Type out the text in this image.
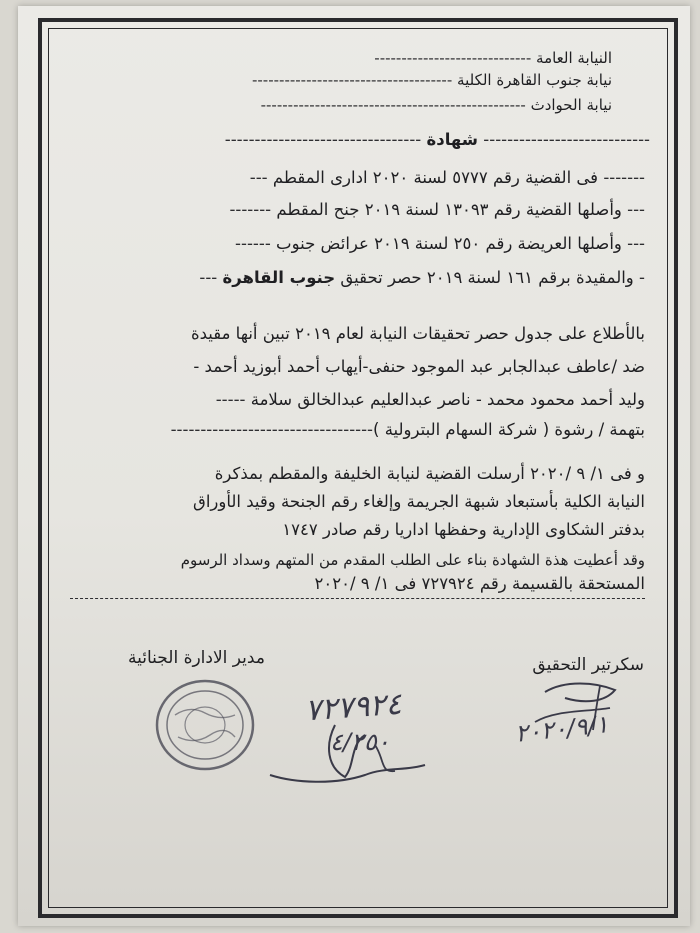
النيابة العامة -----------------------------
نيابة جنوب القاهرة الكلية -------------------------------------
نيابة الحوادث -------------------------------------------------
---------------------------- شهادة ---------------------------------
------- فى القضية رقم ٥٧٧٧ لسنة ٢٠٢٠ ادارى المقطم ---
--- وأصلها القضية رقم ١٣٠٩٣ لسنة ٢٠١٩ جنح المقطم -------
--- وأصلها العريضة رقم ٢٥٠ لسنة ٢٠١٩ عرائض جنوب ------
- والمقيدة برقم ١٦١ لسنة ٢٠١٩ حصر تحقيق جنوب القاهرة ---
بالأطلاع على جدول حصر تحقيقات النيابة لعام ٢٠١٩ تبين أنها مقيدة
ضد /عاطف عبدالجابر عبد الموجود حنفى-أيهاب أحمد أبوزيد أحمد -
وليد أحمد محمود محمد - ناصر عبدالعليم عبدالخالق سلامة -----
بتهمة / رشوة ( شركة السهام البترولية )----------------------------------
و فى ١/ ٩ /٢٠٢٠ أرسلت القضية لنيابة الخليفة والمقطم بمذكرة
النيابة الكلية بأستبعاد شبهة الجريمة وإلغاء رقم الجنحة وقيد الأوراق
بدفتر الشكاوى الإدارية وحفظها اداريا رقم صادر ١٧٤٧
وقد أعطيت هذة الشهادة بناء على الطلب المقدم من المتهم وسداد الرسوم
المستحقة بالقسيمة رقم ٧٢٧٩٢٤ فى ١/ ٩ /٢٠٢٠
مدير الادارة الجنائية	سكرتير التحقيق
٧٢٧٩٢٤
٤/٢٥٠	٢٠٢٠/٩/١
